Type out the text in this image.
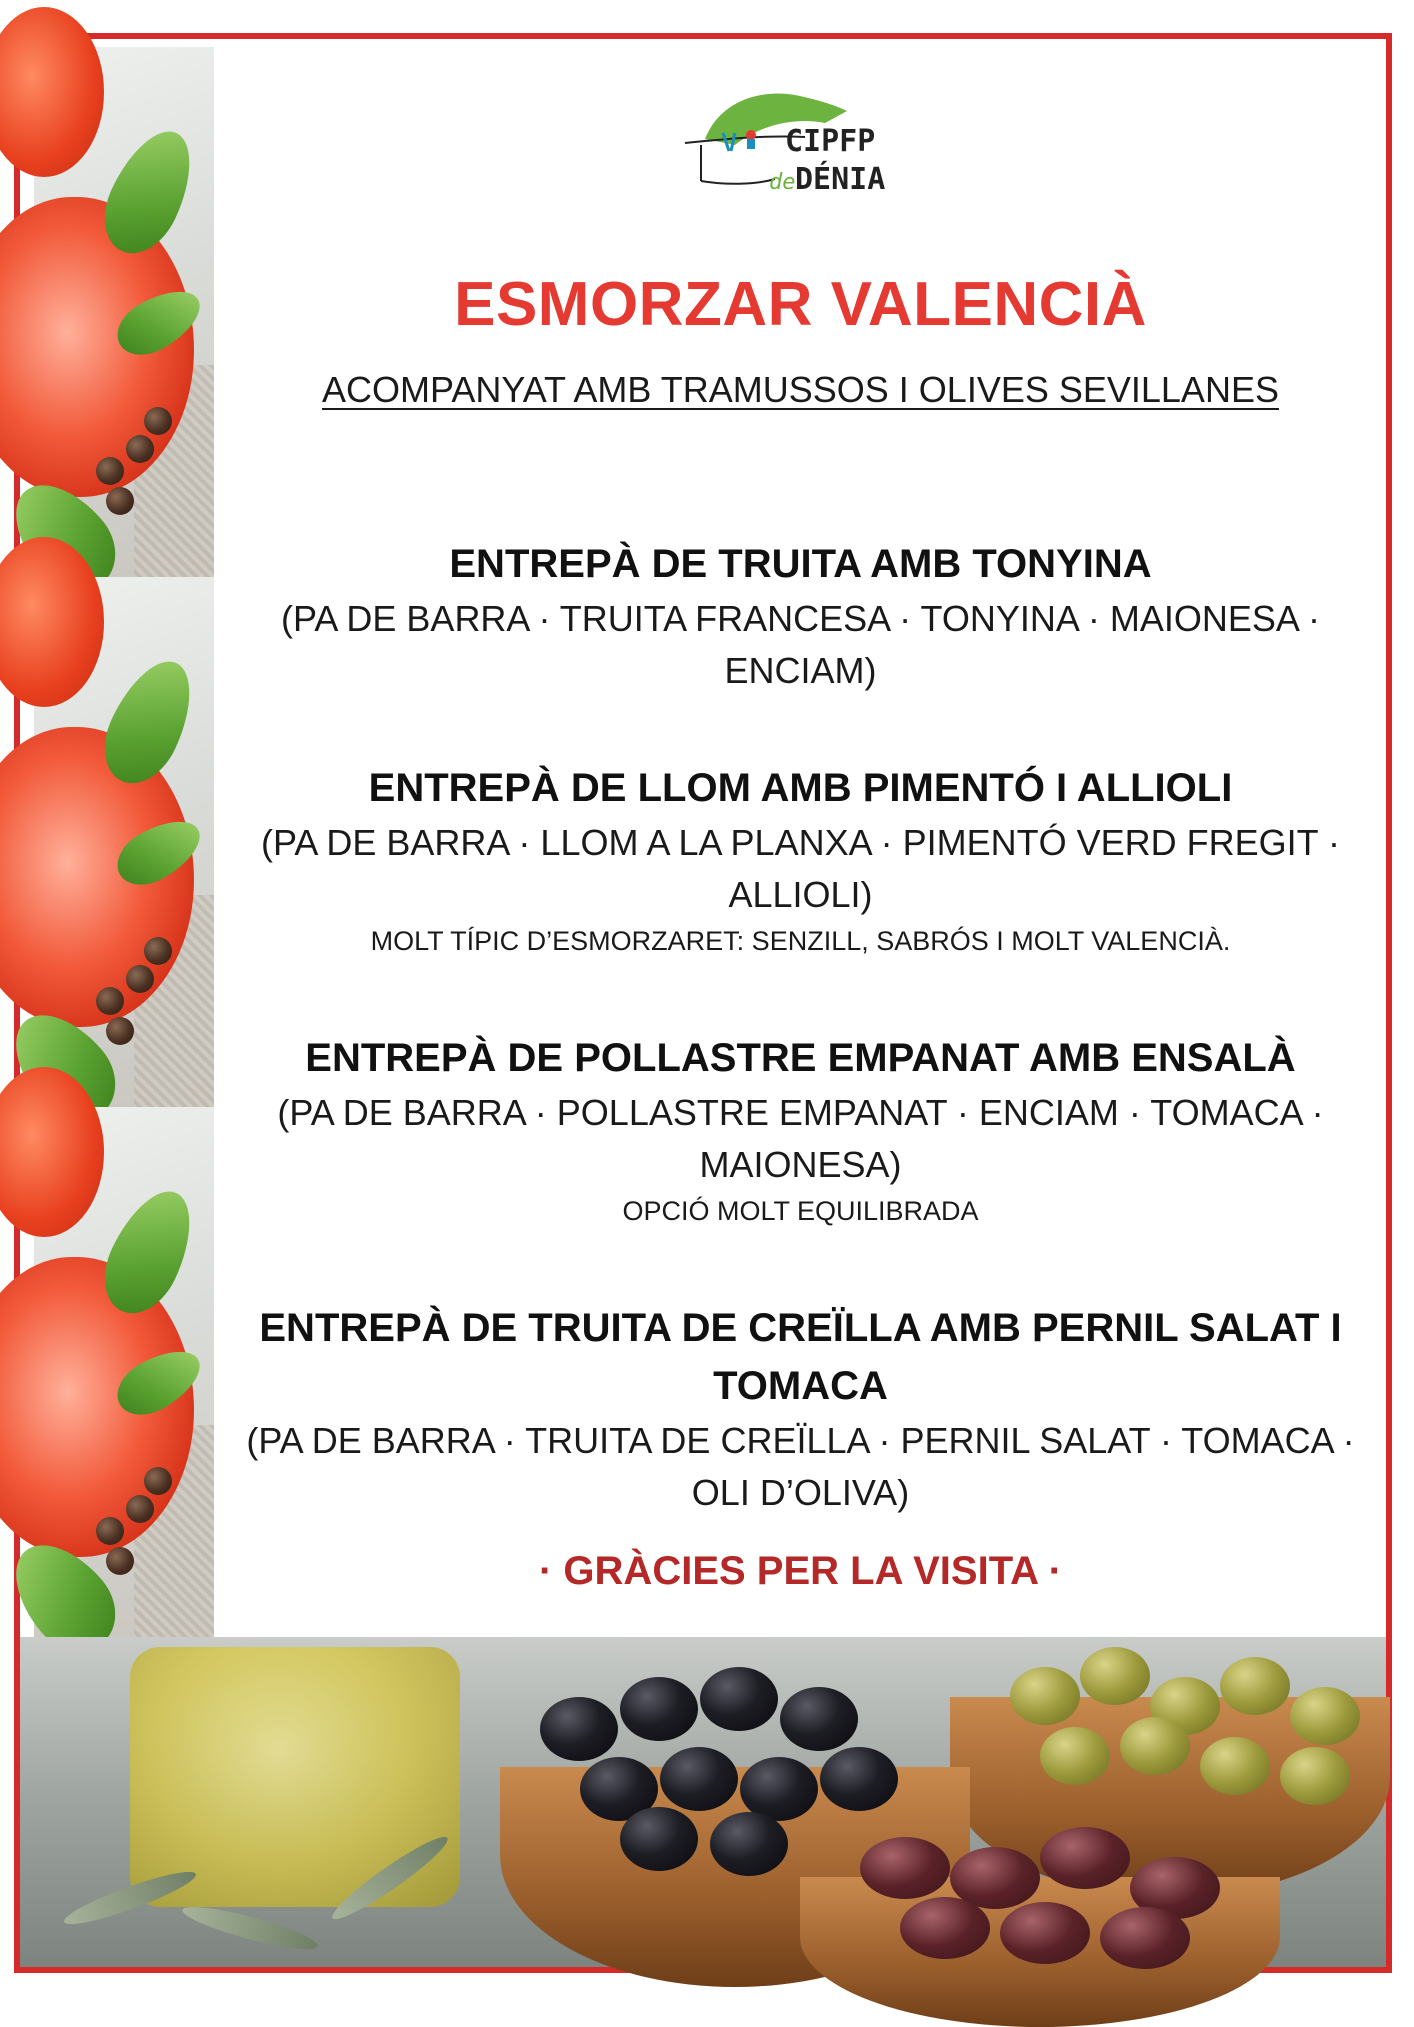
CIPFP
de DÉNIA
ESMORZAR VALENCIÀ
ACOMPANYAT AMB TRAMUSSOS I OLIVES SEVILLANES
ENTREPÀ DE TRUITA AMB TONYINA
(PA DE BARRA · TRUITA FRANCESA · TONYINA · MAIONESA · ENCIAM)
ENTREPÀ DE LLOM AMB PIMENTÓ I ALLIOLI
(PA DE BARRA · LLOM A LA PLANXA · PIMENTÓ VERD FREGIT · ALLIOLI)
MOLT TÍPIC D’ESMORZARET: SENZILL, SABRÓS I MOLT VALENCIÀ.
ENTREPÀ DE POLLASTRE EMPANAT AMB ENSALÀ
(PA DE BARRA · POLLASTRE EMPANAT · ENCIAM · TOMACA · MAIONESA)
OPCIÓ MOLT EQUILIBRADA
ENTREPÀ DE TRUITA DE CREÏLLA AMB PERNIL SALAT I TOMACA
(PA DE BARRA · TRUITA DE CREÏLLA · PERNIL SALAT · TOMACA · OLI D’OLIVA)
· GRÀCIES PER LA VISITA ·
